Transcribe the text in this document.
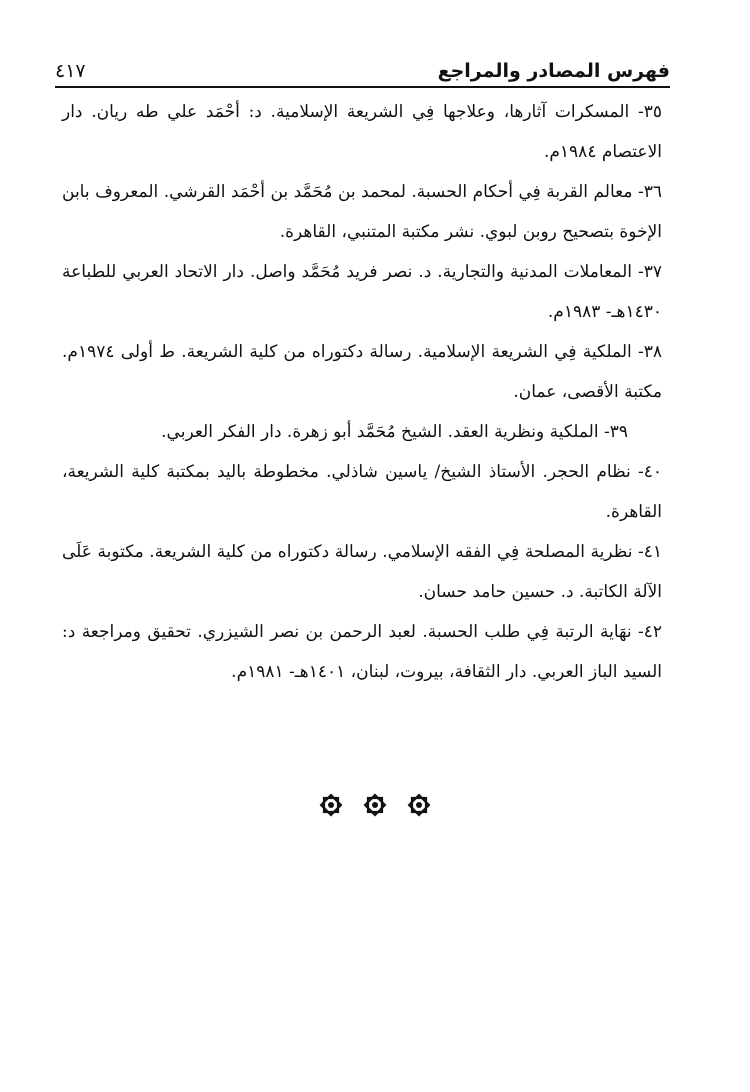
٤١٧	فهرس المصادر والمراجع

٣٥- المسكرات آثارها، وعلاجها فِي الشريعة الإسلامية. د: أحْمَد علي طه ريان. دار الاعتصام ١٩٨٤م.

٣٦- معالم القربة فِي أحكام الحسبة. لمحمد بن مُحَمَّد بن أحْمَد القرشي. المعروف بابن الإخوة بتصحيح روبن لبوي. نشر مكتبة المتنبي، القاهرة.

٣٧- المعاملات المدنية والتجارية. د. نصر فريد مُحَمَّد واصل. دار الاتحاد العربي للطباعة ١٤٣٠هـ- ١٩٨٣م.

٣٨- الملكية فِي الشريعة الإسلامية. رسالة دكتوراه من كلية الشريعة. ط أولى ١٩٧٤م. مكتبة الأقصى، عمان.

٣٩- الملكية ونظرية العقد. الشيخ مُحَمَّد أبو زهرة. دار الفكر العربي.

٤٠- نظام الحجر. الأستاذ الشيخ/ ياسين شاذلي. مخطوطة باليد بمكتبة كلية الشريعة، القاهرة.

٤١- نظرية المصلحة فِي الفقه الإسلامي. رسالة دكتوراه من كلية الشريعة. مكتوبة عَلَى الآلة الكاتبة. د. حسين حامد حسان.

٤٢- نهَاية الرتبة فِي طلب الحسبة. لعبد الرحمن بن نصر الشيزري. تحقيق ومراجعة د: السيد الباز العربي. دار الثقافة، بيروت، لبنان، ١٤٠١هـ- ١٩٨١م.
